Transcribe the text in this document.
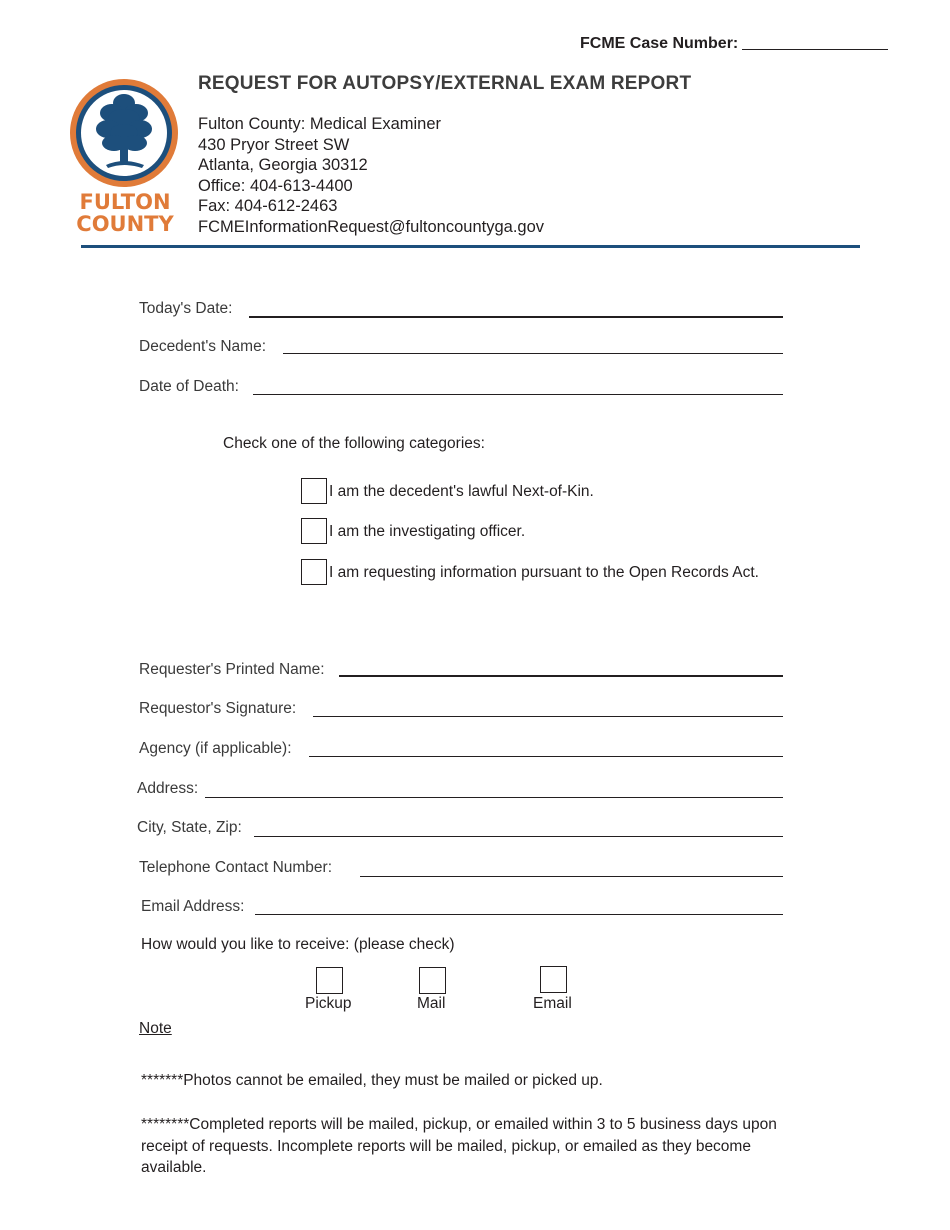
FCME Case Number:
FULTON
COUNTY
REQUEST FOR AUTOPSY/EXTERNAL EXAM REPORT
Fulton County: Medical Examiner
430 Pryor Street SW
Atlanta, Georgia 30312
Office: 404-613-4400
Fax: 404-612-2463
FCMEInformationRequest@fultoncountyga.gov
Today's Date:
Decedent's Name:
Date of Death:
Check one of the following categories:
I am the decedent's lawful Next-of-Kin.
I am the investigating officer.
I am requesting information pursuant to the Open Records Act.
Requester's Printed Name:
Requestor's Signature:
Agency (if applicable):
Address:
City, State, Zip:
Telephone Contact Number:
Email Address:
How would you like to receive: (please check)
Pickup	Mail	Email
Note
*******Photos cannot be emailed, they must be mailed or picked up.
********Completed reports will be mailed, pickup, or emailed within 3 to 5 business days upon receipt of requests. Incomplete reports will be mailed, pickup, or emailed as they become available.
